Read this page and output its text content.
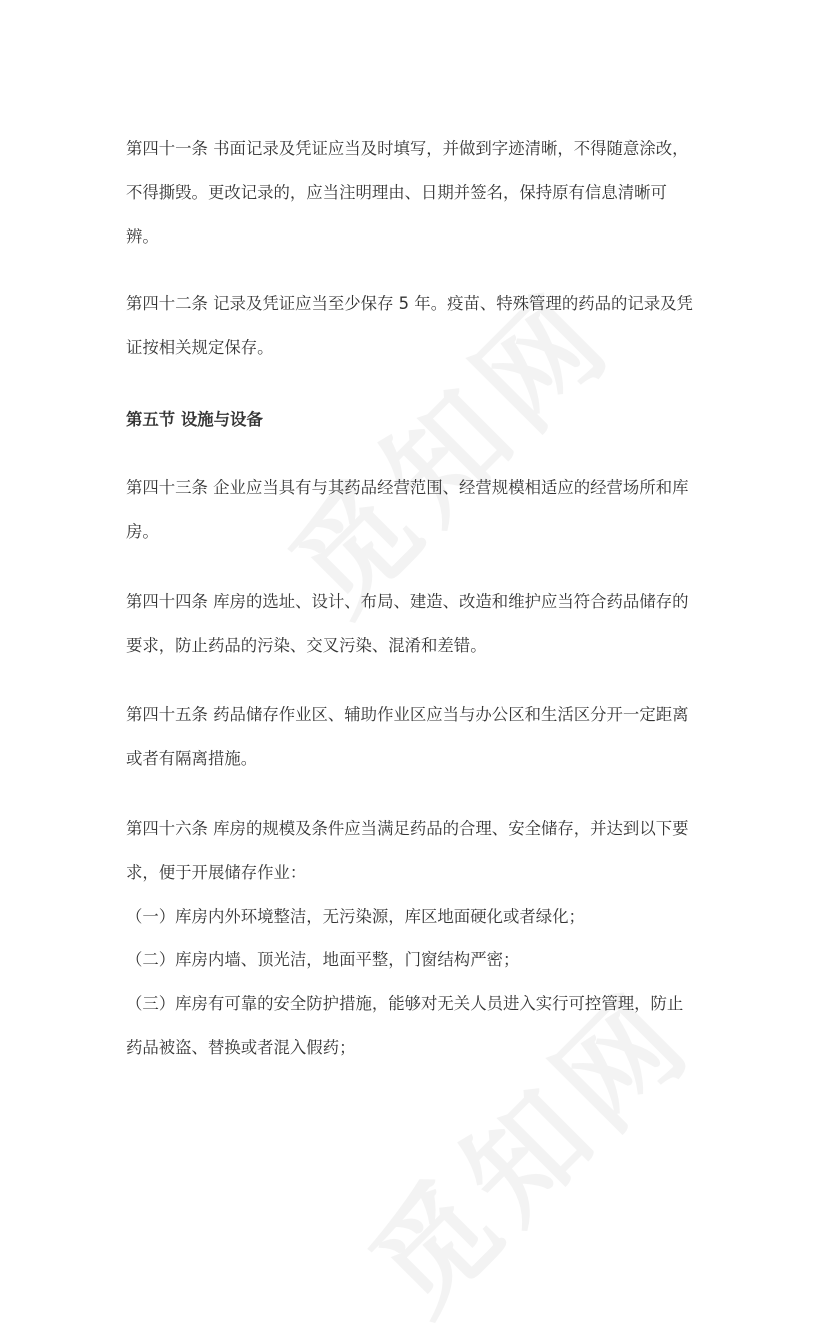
第四十一条 书面记录及凭证应当及时填写，并做到字迹清晰，不得随意涂改，
不得撕毁。更改记录的，应当注明理由、日期并签名，保持原有信息清晰可
辨。
第四十二条 记录及凭证应当至少保存 5 年。疫苗、特殊管理的药品的记录及凭
证按相关规定保存。
第五节 设施与设备
第四十三条 企业应当具有与其药品经营范围、经营规模相适应的经营场所和库
房。
第四十四条 库房的选址、设计、布局、建造、改造和维护应当符合药品储存的
要求，防止药品的污染、交叉污染、混淆和差错。
第四十五条 药品储存作业区、辅助作业区应当与办公区和生活区分开一定距离
或者有隔离措施。
第四十六条 库房的规模及条件应当满足药品的合理、安全储存，并达到以下要
求，便于开展储存作业：
（一）库房内外环境整洁，无污染源，库区地面硬化或者绿化；
（二）库房内墙、顶光洁，地面平整，门窗结构严密；
（三）库房有可靠的安全防护措施，能够对无关人员进入实行可控管理，防止
药品被盗、替换或者混入假药；
